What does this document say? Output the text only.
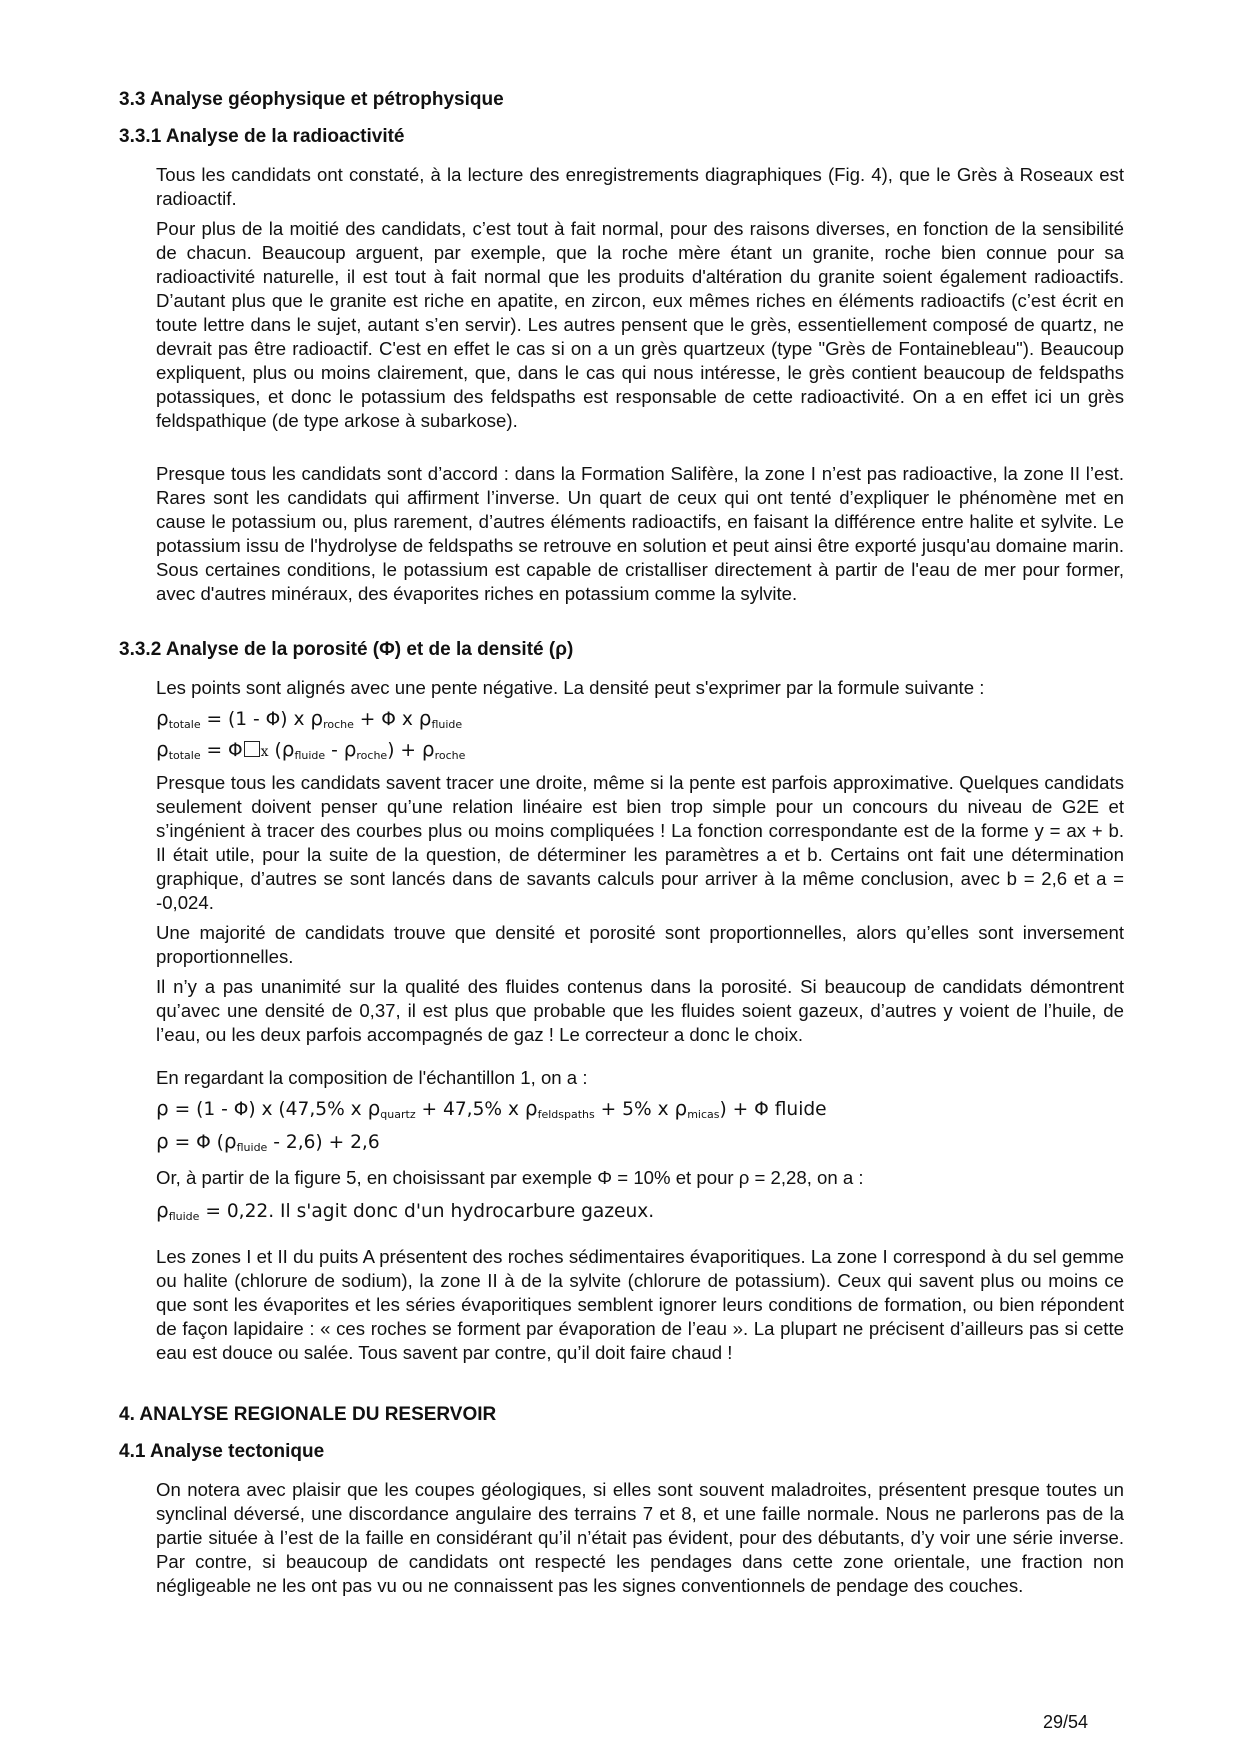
3.3 Analyse géophysique et pétrophysique
3.3.1 Analyse de la radioactivité

Tous les candidats ont constaté, à la lecture des enregistrements diagraphiques (Fig. 4), que le Grès à Roseaux est radioactif.

Pour plus de la moitié des candidats, c’est tout à fait normal, pour des raisons diverses, en fonction de la sensibilité de chacun. Beaucoup arguent, par exemple, que la roche mère étant un granite, roche bien connue pour sa radioactivité naturelle, il est tout à fait normal que les produits d'altération du granite soient également radioactifs. D’autant plus que le granite est riche en apatite, en zircon, eux mêmes riches en éléments radioactifs (c’est écrit en toute lettre dans le sujet, autant s’en servir). Les autres pensent que le grès, essentiellement composé de quartz, ne devrait pas être radioactif. C'est en effet le cas si on a un grès quartzeux (type "Grès de Fontainebleau"). Beaucoup expliquent, plus ou moins clairement, que, dans le cas qui nous intéresse, le grès contient beaucoup de feldspaths potassiques, et donc le potassium des feldspaths est responsable de cette radioactivité. On a en effet ici un grès feldspathique (de type arkose à subarkose).

Presque tous les candidats sont d’accord : dans la Formation Salifère, la zone I n’est pas radioactive, la zone II l’est. Rares sont les candidats qui affirment l’inverse. Un quart de ceux qui ont tenté d’expliquer le phénomène met en cause le potassium ou, plus rarement, d’autres éléments radioactifs, en faisant la différence entre halite et sylvite. Le potassium issu de l'hydrolyse de feldspaths se retrouve en solution et peut ainsi être exporté jusqu'au domaine marin. Sous certaines conditions, le potassium est capable de cristalliser directement à partir de l'eau de mer pour former, avec d'autres minéraux, des évaporites riches en potassium comme la sylvite.

3.3.2 Analyse de la porosité (Φ) et de la densité (ρ)

Les points sont alignés avec une pente négative. La densité peut s'exprimer par la formule suivante :

$\rho_{totale} = (1 - \Phi)$ x $\rho_{roche} + \Phi$ x $\rho_{fluide}$
$\rho_{totale} = \Phi$ x $(\rho_{fluide} - \rho_{roche}) + \rho_{roche}$

Presque tous les candidats savent tracer une droite, même si la pente est parfois approximative. Quelques candidats seulement doivent penser qu’une relation linéaire est bien trop simple pour un concours du niveau de G2E et s’ingénient à tracer des courbes plus ou moins compliquées ! La fonction correspondante est de la forme y = ax + b. Il était utile, pour la suite de la question, de déterminer les paramètres a et b. Certains ont fait une détermination graphique, d’autres se sont lancés dans de savants calculs pour arriver à la même conclusion, avec b = 2,6 et a = -0,024.

Une majorité de candidats trouve que densité et porosité sont proportionnelles, alors qu’elles sont inversement proportionnelles.

Il n’y a pas unanimité sur la qualité des fluides contenus dans la porosité. Si beaucoup de candidats démontrent qu’avec une densité de 0,37, il est plus que probable que les fluides soient gazeux, d’autres y voient de l’huile, de l’eau, ou les deux parfois accompagnés de gaz ! Le correcteur a donc le choix.

En regardant la composition de l'échantillon 1, on a :

ρ = (1 - Φ) x (47,5% x $\rho_{quartz} + 47,5\%$ x $\rho_{feldspaths} + 5\%$ x $\rho_{micas}) + \Phi$ fluide
ρ = Φ $(\rho_{fluide} - 2,6) + 2,6$

Or, à partir de la figure 5, en choisissant par exemple Φ = 10% et pour ρ = 2,28, on a :

$\rho_{fluide} = 0,22$. Il s'agit donc d'un hydrocarbure gazeux.

Les zones I et II du puits A présentent des roches sédimentaires évaporitiques. La zone I correspond à du sel gemme ou halite (chlorure de sodium), la zone II à de la sylvite (chlorure de potassium). Ceux qui savent plus ou moins ce que sont les évaporites et les séries évaporitiques semblent ignorer leurs conditions de formation, ou bien répondent de façon lapidaire : « ces roches se forment par évaporation de l’eau ». La plupart ne précisent d’ailleurs pas si cette eau est douce ou salée. Tous savent par contre, qu’il doit faire chaud !

4. ANALYSE REGIONALE DU RESERVOIR
4.1 Analyse tectonique

On notera avec plaisir que les coupes géologiques, si elles sont souvent maladroites, présentent presque toutes un synclinal déversé, une discordance angulaire des terrains 7 et 8, et une faille normale. Nous ne parlerons pas de la partie située à l’est de la faille en considérant qu’il n’était pas évident, pour des débutants, d’y voir une série inverse. Par contre, si beaucoup de candidats ont respecté les pendages dans cette zone orientale, une fraction non négligeable ne les ont pas vu ou ne connaissent pas les signes conventionnels de pendage des couches.

29/54
